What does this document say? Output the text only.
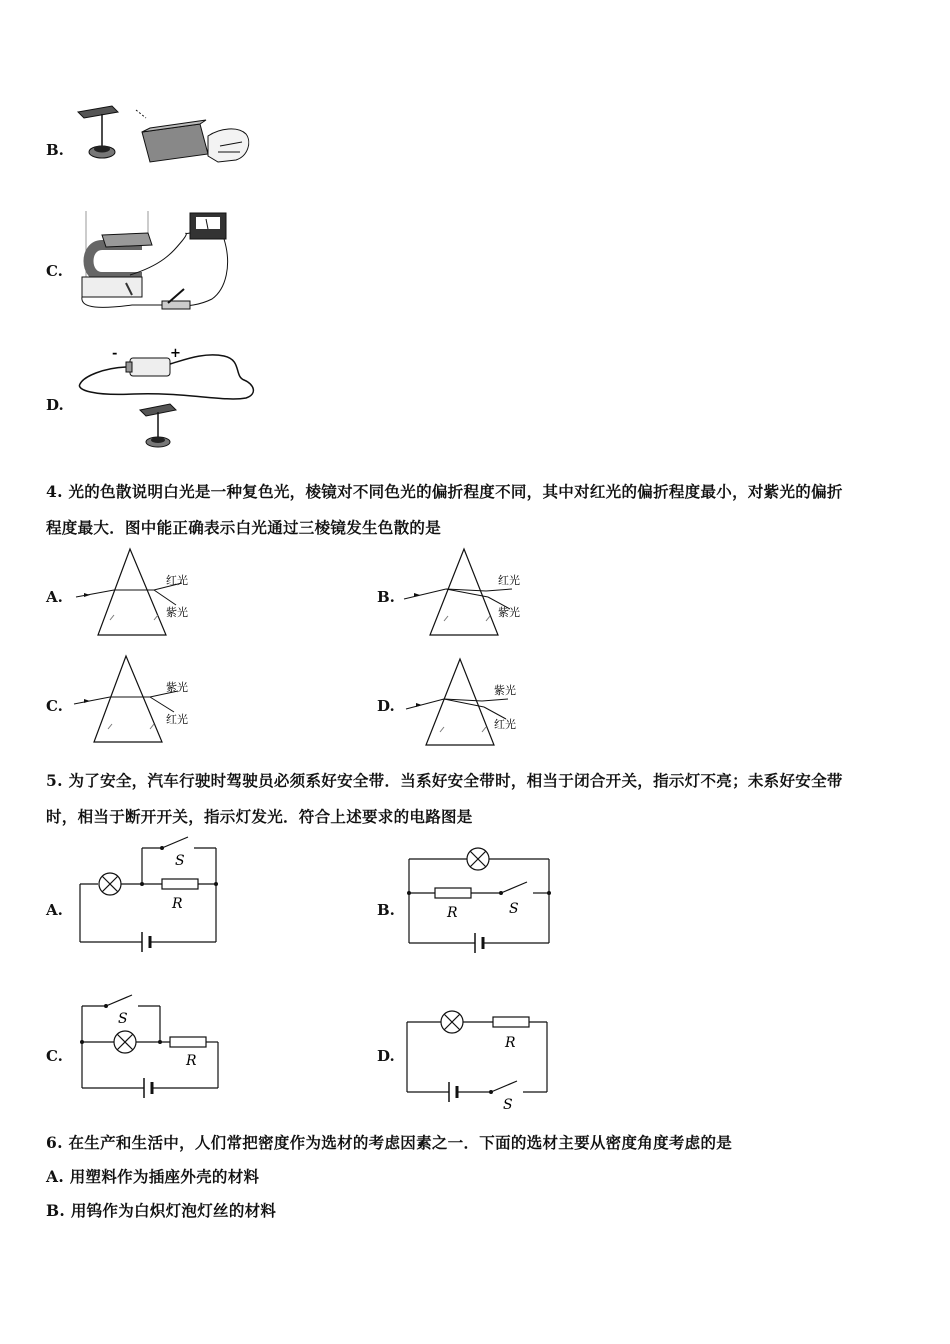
B.
C.
D.
-	+
4. 光的色散说明白光是一种复色光，棱镜对不同色光的偏折程度不同，其中对红光的偏折程度最小，对紫光的偏折
程度最大．图中能正确表示白光通过三棱镜发生色散的是
A.
红光
紫光
B.
红光
紫光
C.
紫光
红光
D.
紫光
红光
5. 为了安全，汽车行驶时驾驶员必须系好安全带．当系好安全带时，相当于闭合开关，指示灯不亮；未系好安全带
时，相当于断开开关，指示灯发光．符合上述要求的电路图是
A.
S
R	B.	R	S
C.
S
R	D.
R
S
6. 在生产和生活中，人们常把密度作为选材的考虑因素之一．下面的选材主要从密度角度考虑的是
A. 用塑料作为插座外壳的材料
B. 用钨作为白炽灯泡灯丝的材料
